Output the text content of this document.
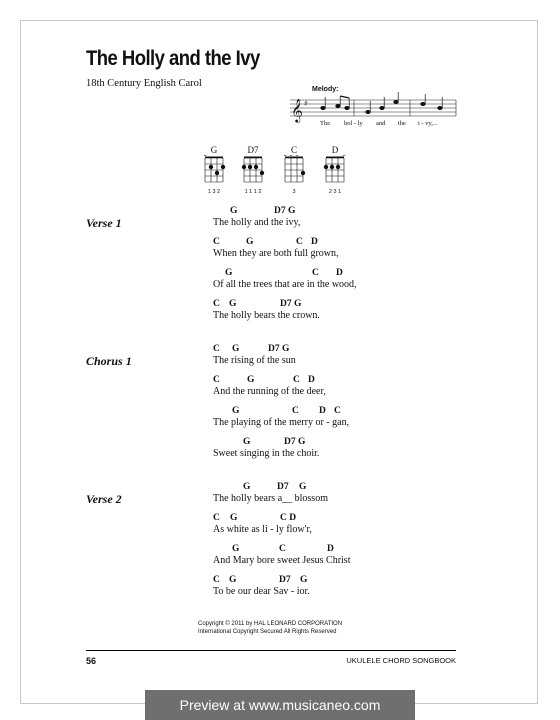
The Holly and the Ivy
18th Century English Carol
Melody:
𝄞 ♯
The hol - ly and the i - vy,...
G
1 3 2
D7
1 1 1 2
C
3
D
2 3 1
Verse 1
G	D7 G
The holly and the ivy,
C	G	C D
When they are both full grown,
G	C D
Of all the trees that are in the wood,
C G	D7 G
The holly bears the crown.
Chorus 1
C G	D7 G
The rising of the sun
C	G	C D
And the running of the deer,
G	C D C
The playing of the merry or - gan,
G	D7 G
Sweet singing in the choir.
Verse 2
G	D7 G
The holly bears a__ blossom
C G	C D
As white as li - ly flow'r,
G	C	D
And Mary bore sweet Jesus Christ
C G	D7 G
To be our dear Sav - ior.
Copyright © 2011 by HAL LEONARD CORPORATION
International Copyright Secured All Rights Reserved
56	UKULELE CHORD SONGBOOK
Preview at www.musicaneo.com
